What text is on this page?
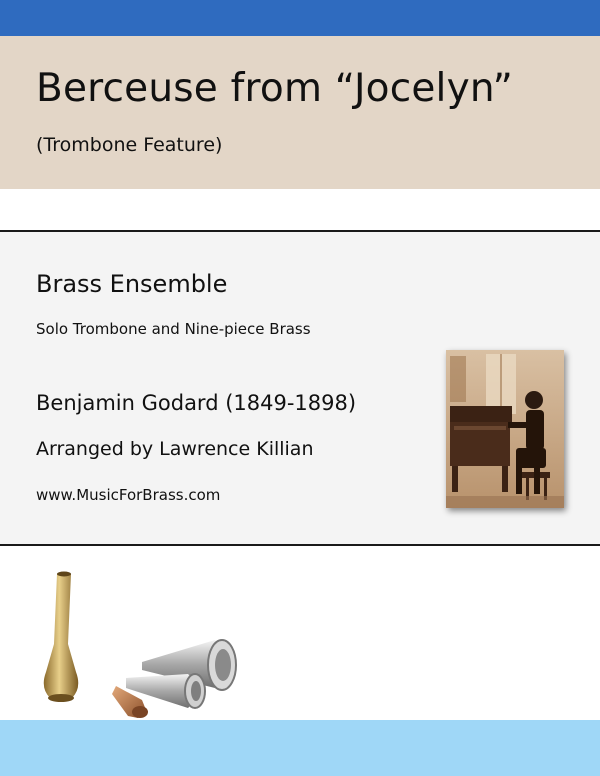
Berceuse from “Jocelyn”
(Trombone Feature)
Brass Ensemble
Solo Trombone and Nine-piece Brass
Benjamin Godard (1849-1898)
Arranged by Lawrence Killian
www.MusicForBrass.com
